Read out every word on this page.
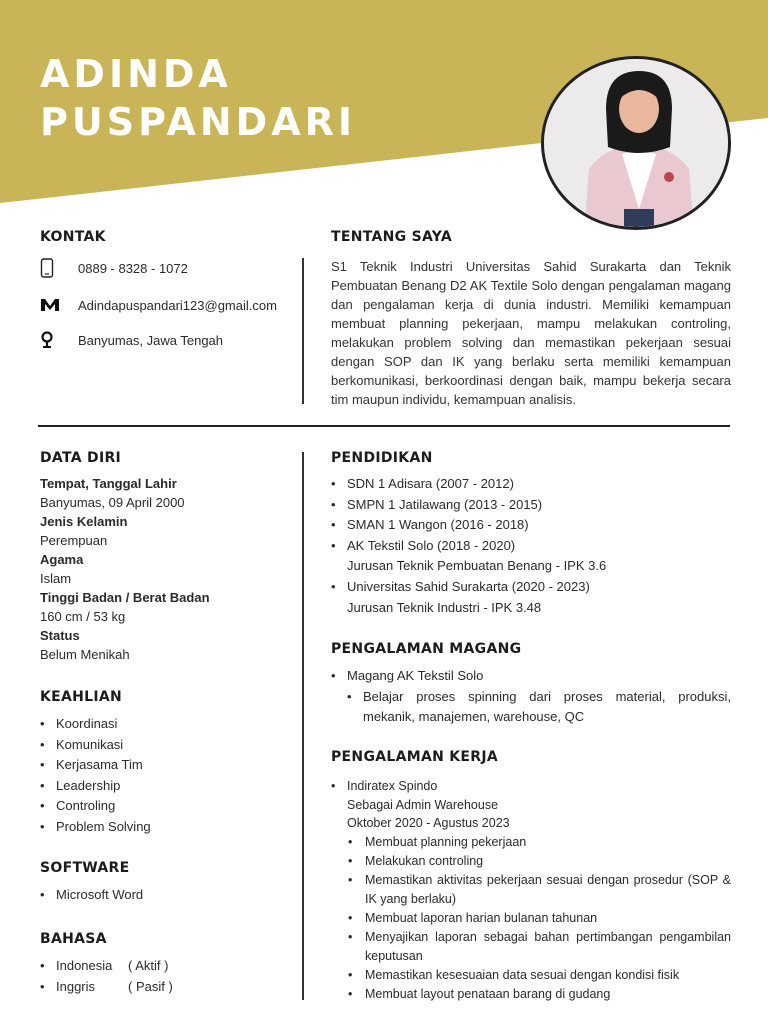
ADINDA
PUSPANDARI
KONTAK
0889 - 8328 - 1072
Adindapuspandari123@gmail.com
Banyumas, Jawa Tengah
TENTANG SAYA
S1 Teknik Industri Universitas Sahid Surakarta dan Teknik Pembuatan Benang D2 AK Textile Solo dengan pengalaman magang dan pengalaman kerja di dunia industri. Memiliki kemampuan membuat planning pekerjaan, mampu melakukan controling, melakukan problem solving dan memastikan pekerjaan sesuai dengan SOP dan IK yang berlaku serta memiliki kemampuan berkomunikasi, berkoordinasi dengan baik, mampu bekerja secara tim maupun individu, kemampuan analisis.
DATA DIRI
Tempat, Tanggal Lahir
Banyumas, 09 April 2000
Jenis Kelamin
Perempuan
Agama
Islam
Tinggi Badan / Berat Badan
160 cm / 53 kg
Status
Belum Menikah
KEAHLIAN
• Koordinasi
• Komunikasi
• Kerjasama Tim
• Leadership
• Controling
• Problem Solving
SOFTWARE
• Microsoft Word
BAHASA
• Indonesia	( Aktif )
• Inggris	( Pasif )
PENDIDIKAN
• SDN 1 Adisara (2007 - 2012)
• SMPN 1 Jatilawang (2013 - 2015)
• SMAN 1 Wangon (2016 - 2018)
• AK Tekstil Solo (2018 - 2020)
Jurusan Teknik Pembuatan Benang - IPK 3.6
• Universitas Sahid Surakarta (2020 - 2023)
Jurusan Teknik Industri - IPK 3.48
PENGALAMAN MAGANG
• Magang AK Tekstil Solo
• Belajar proses spinning dari proses material, produksi, mekanik, manajemen, warehouse, QC
PENGALAMAN KERJA
• Indiratex Spindo
Sebagai Admin Warehouse
Oktober 2020 - Agustus 2023
• Membuat planning pekerjaan
• Melakukan controling
• Memastikan aktivitas pekerjaan sesuai dengan prosedur (SOP & IK yang berlaku)
• Membuat laporan harian bulanan tahunan
• Menyajikan laporan sebagai bahan pertimbangan pengambilan keputusan
• Memastikan kesesuaian data sesuai dengan kondisi fisik
• Membuat layout penataan barang di gudang
